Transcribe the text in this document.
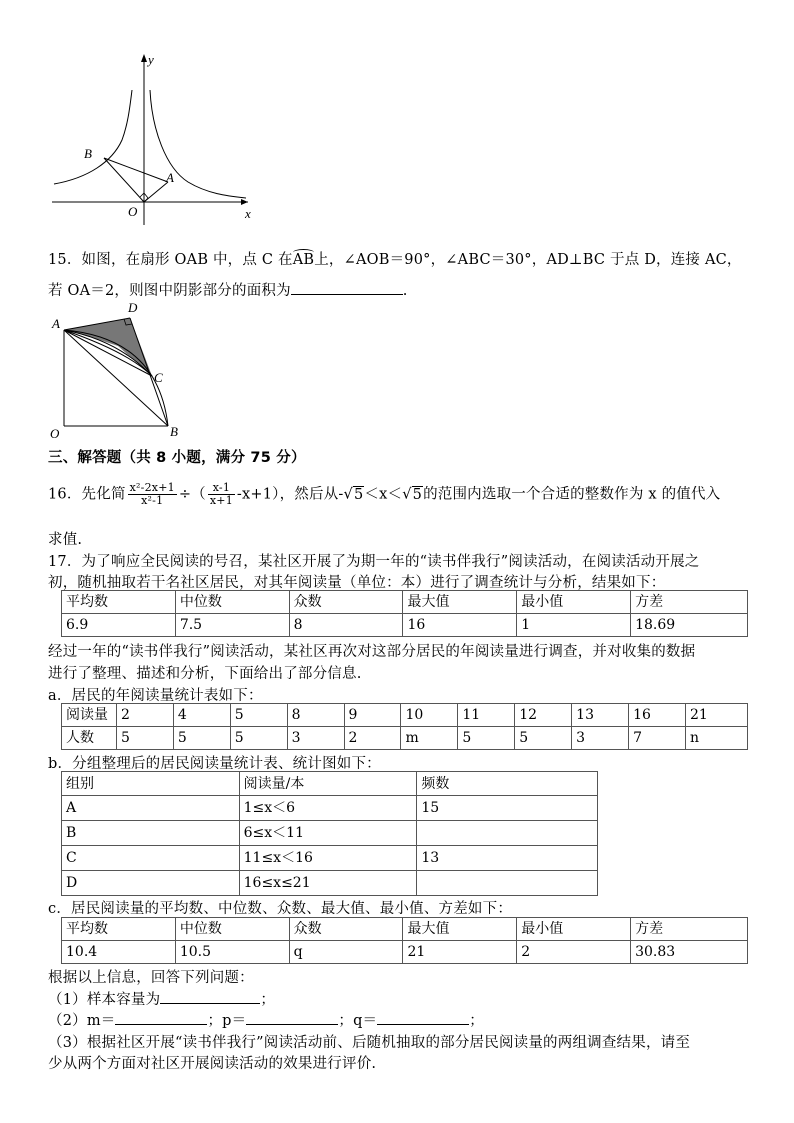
y
x
O
A
B
15．如图，在扇形 OAB 中，点 C 在AB上，∠AOB＝90°，∠ABC＝30°，AD⊥BC 于点 D，连接 AC，
若 OA＝2，则图中阴影部分的面积为	.
A
D
C
O	B
三、解答题（共 8 小题，满分 75 分）
16．先化简 $\frac{\text{x²-2x+1}}{\text{x²-1}}$ ÷（ $\frac{x-1}{x+1} -x+1$），然后从-√5＜x＜√5的范围内选取一个合适的整数作为 x 的值代入
求值.
17．为了响应全民阅读的号召，某社区开展了为期一年的“读书伴我行”阅读活动，在阅读活动开展之
初，随机抽取若干名社区居民，对其年阅读量（单位：本）进行了调查统计与分析，结果如下：
平均数	中位数	众数	最大值	最小值	方差
6.9	7.5	8	16	1	18.69
经过一年的“读书伴我行”阅读活动，某社区再次对这部分居民的年阅读量进行调查，并对收集的数据
进行了整理、描述和分析，下面给出了部分信息.
a．居民的年阅读量统计表如下：
阅读量	2	4	5	8	9	10	11	12	13	16	21
人数	5	5	5	3	2	m	5	5	3	7	n
b．分组整理后的居民阅读量统计表、统计图如下：
组别	阅读量/本	频数
A	1≤x＜6	15
B	6≤x＜11	
C	11≤x＜16	13
D	16≤x≤21	
c．居民阅读量的平均数、中位数、众数、最大值、最小值、方差如下：
平均数	中位数	众数	最大值	最小值	方差
10.4	10.5	q	21	2	30.83
根据以上信息，回答下列问题：
（1）样本容量为	；
（2）m＝	；p＝	；q＝	；
（3）根据社区开展“读书伴我行”阅读活动前、后随机抽取的部分居民阅读量的两组调查结果，请至
少从两个方面对社区开展阅读活动的效果进行评价.
